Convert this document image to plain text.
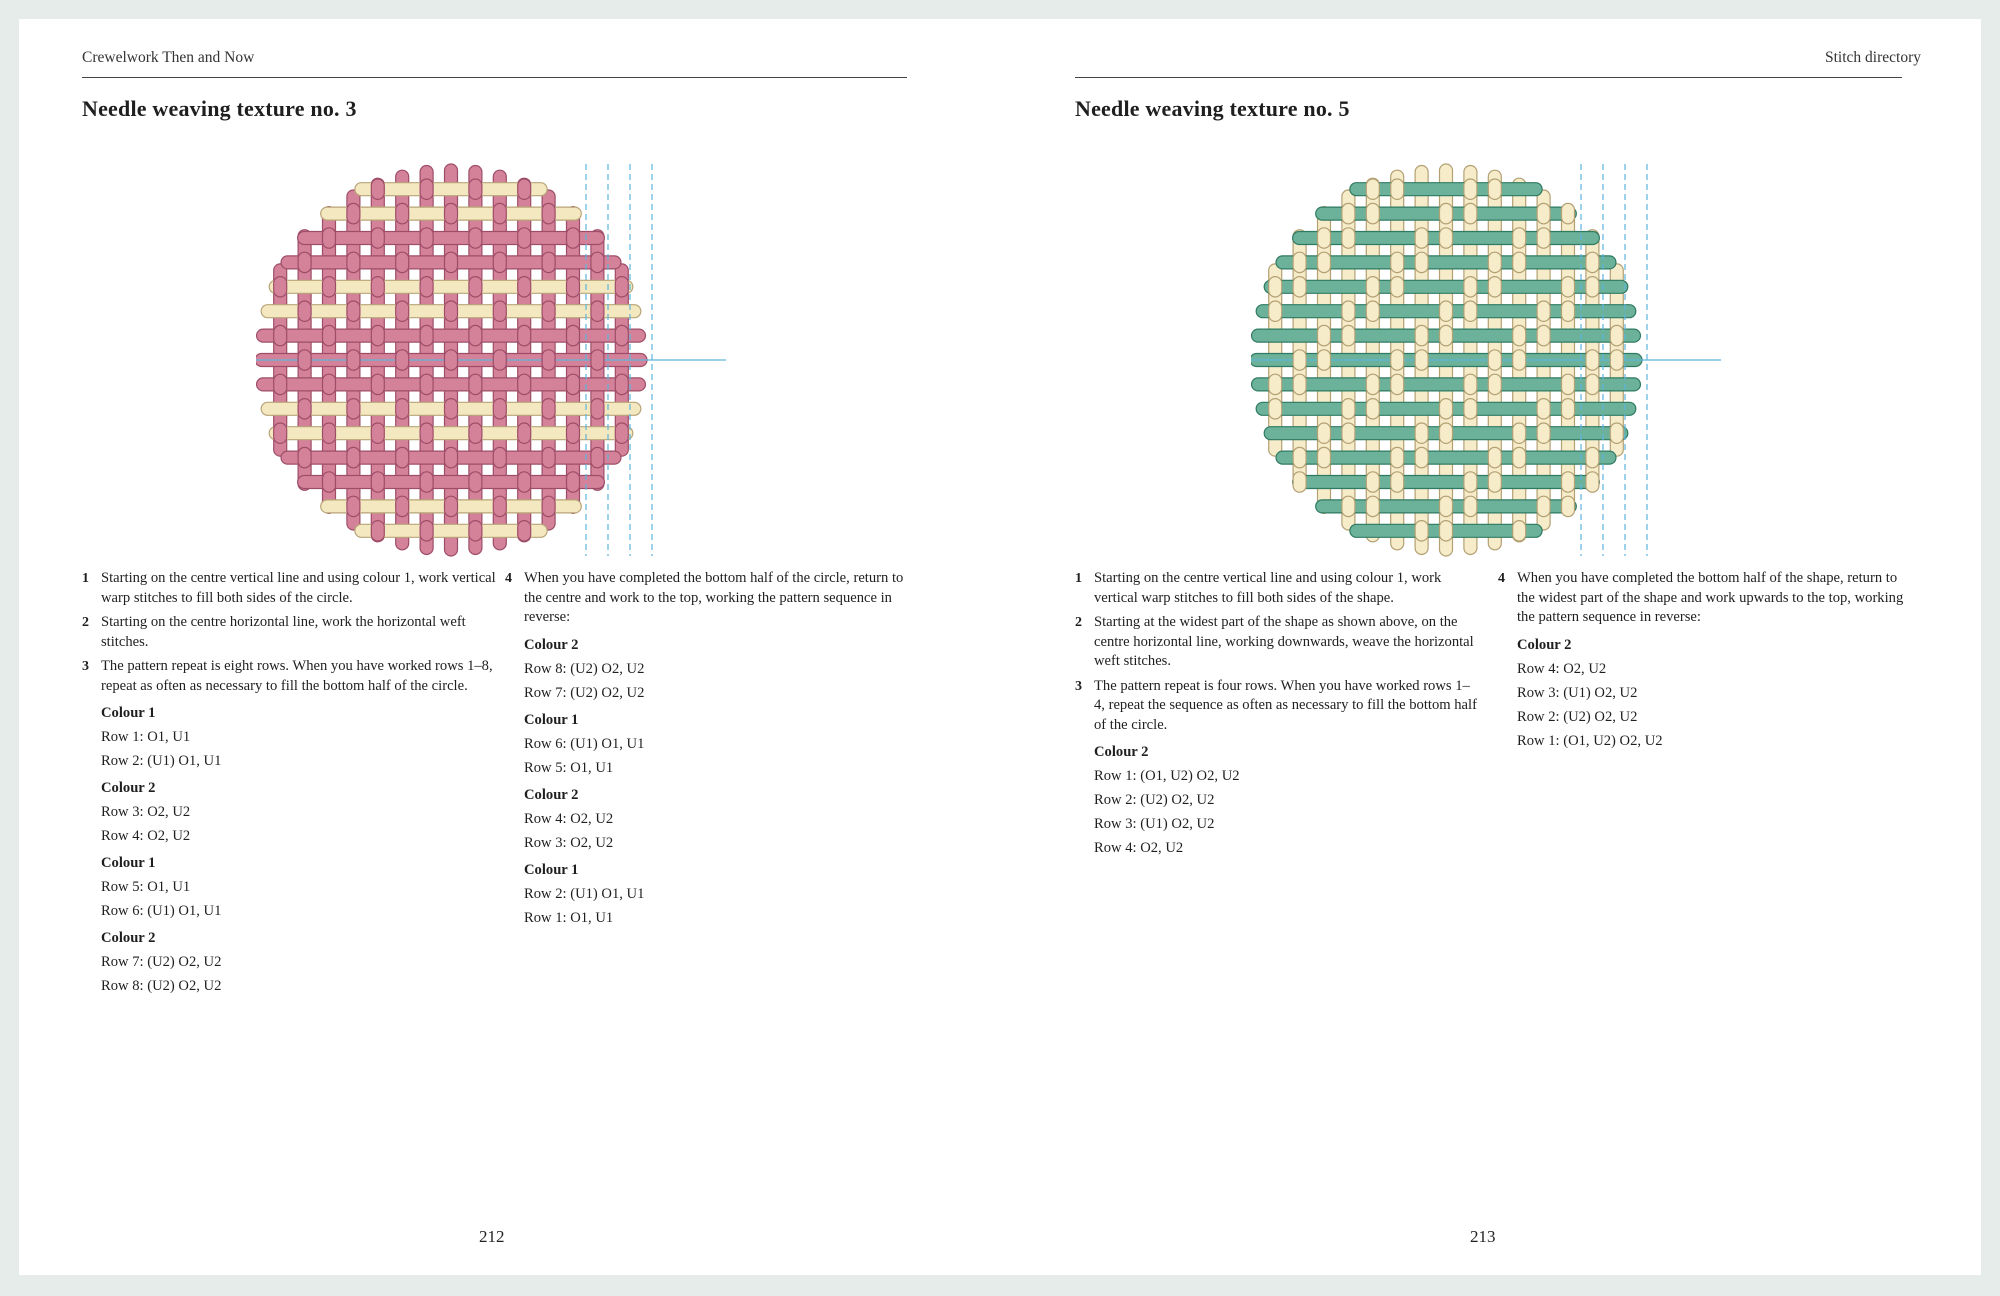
Crewelwork Then and Now
Needle weaving texture no. 3
1 Starting on the centre vertical line and using colour 1, work vertical warp stitches to fill both sides of the circle.
2 Starting on the centre horizontal line, work the horizontal weft stitches.
3 The pattern repeat is eight rows. When you have worked rows 1–8, repeat as often as necessary to fill the bottom half of the circle.
Colour 1
Row 1: O1, U1
Row 2: (U1) O1, U1
Colour 2
Row 3: O2, U2
Row 4: O2, U2
Colour 1
Row 5: O1, U1
Row 6: (U1) O1, U1
Colour 2
Row 7: (U2) O2, U2
Row 8: (U2) O2, U2
4 When you have completed the bottom half of the circle, return to the centre and work to the top, working the pattern sequence in reverse:
Colour 2
Row 8: (U2) O2, U2
Row 7: (U2) O2, U2
Colour 1
Row 6: (U1) O1, U1
Row 5: O1, U1
Colour 2
Row 4: O2, U2
Row 3: O2, U2
Colour 1
Row 2: (U1) O1, U1
Row 1: O1, U1
212
Stitch directory
Needle weaving texture no. 5
1 Starting on the centre vertical line and using colour 1, work vertical warp stitches to fill both sides of the shape.
2 Starting at the widest part of the shape as shown above, on the centre horizontal line, working downwards, weave the horizontal weft stitches.
3 The pattern repeat is four rows. When you have worked rows 1–4, repeat the sequence as often as necessary to fill the bottom half of the circle.
Colour 2
Row 1: (O1, U2) O2, U2
Row 2: (U2) O2, U2
Row 3: (U1) O2, U2
Row 4: O2, U2
4 When you have completed the bottom half of the shape, return to the widest part of the shape and work upwards to the top, working the pattern sequence in reverse:
Colour 2
Row 4: O2, U2
Row 3: (U1) O2, U2
Row 2: (U2) O2, U2
Row 1: (O1, U2) O2, U2
213
